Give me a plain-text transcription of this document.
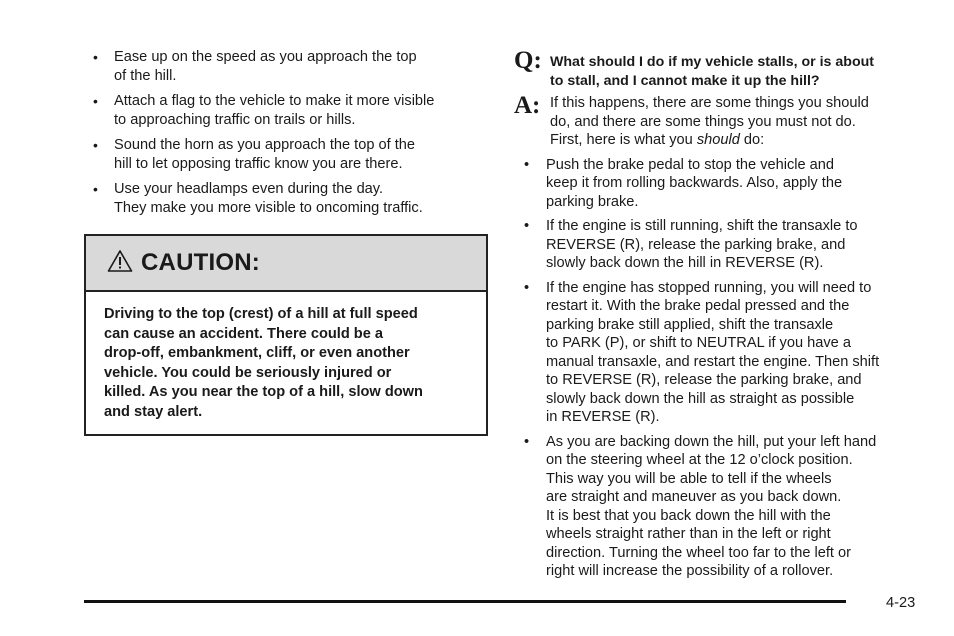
• Ease up on the speed as you approach the top
of the hill.
• Attach a flag to the vehicle to make it more visible
to approaching traffic on trails or hills.
• Sound the horn as you approach the top of the
hill to let opposing traffic know you are there.
• Use your headlamps even during the day.
They make you more visible to oncoming traffic.
CAUTION:
Driving to the top (crest) of a hill at full speed
can cause an accident. There could be a
drop-off, embankment, cliff, or even another
vehicle. You could be seriously injured or
killed. As you near the top of a hill, slow down
and stay alert.
Q: What should I do if my vehicle stalls, or is about
to stall, and I cannot make it up the hill?
A: If this happens, there are some things you should
do, and there are some things you must not do.
First, here is what you should do:
• Push the brake pedal to stop the vehicle and
keep it from rolling backwards. Also, apply the
parking brake.
• If the engine is still running, shift the transaxle to
REVERSE (R), release the parking brake, and
slowly back down the hill in REVERSE (R).
• If the engine has stopped running, you will need to
restart it. With the brake pedal pressed and the
parking brake still applied, shift the transaxle
to PARK (P), or shift to NEUTRAL if you have a
manual transaxle, and restart the engine. Then shift
to REVERSE (R), release the parking brake, and
slowly back down the hill as straight as possible
in REVERSE (R).
• As you are backing down the hill, put your left hand
on the steering wheel at the 12 o’clock position.
This way you will be able to tell if the wheels
are straight and maneuver as you back down.
It is best that you back down the hill with the
wheels straight rather than in the left or right
direction. Turning the wheel too far to the left or
right will increase the possibility of a rollover.
4-23
